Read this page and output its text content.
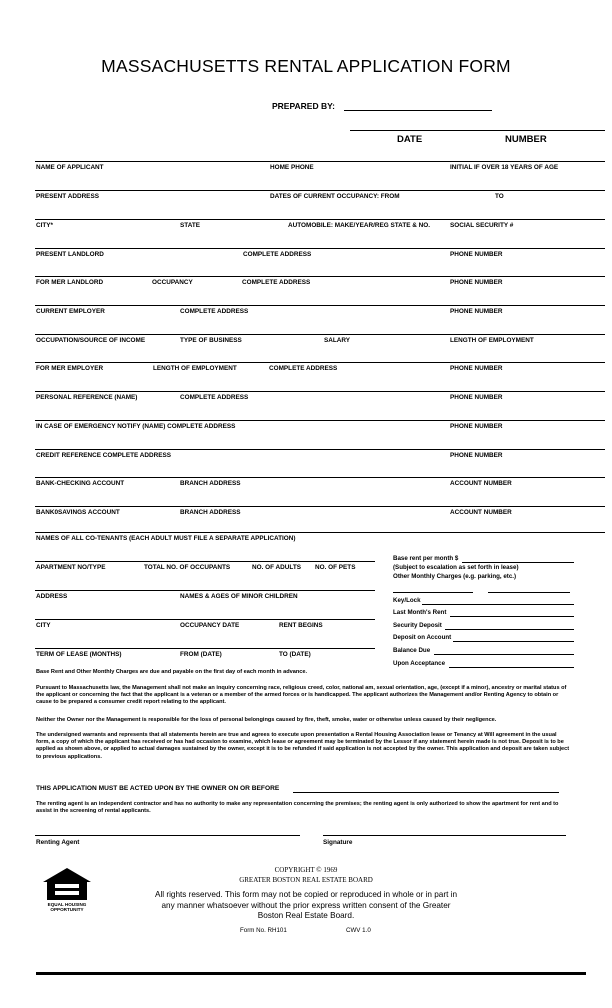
MASSACHUSETTS RENTAL APPLICATION FORM
PREPARED BY:
DATE	NUMBER
NAME OF APPLICANT	HOME PHONE	INITIAL IF OVER 18 YEARS OF AGE
PRESENT ADDRESS	DATES OF CURRENT OCCUPANCY: FROM	TO
CITY*	STATE	AUTOMOBILE: MAKE/YEAR/REG STATE & NO.	SOCIAL SECURITY #
PRESENT LANDLORD	COMPLETE ADDRESS	PHONE NUMBER
FOR MER LANDLORD	OCCUPANCY	COMPLETE ADDRESS	PHONE NUMBER
CURRENT EMPLOYER	COMPLETE ADDRESS	PHONE NUMBER
OCCUPATION/SOURCE OF INCOME	TYPE OF BUSINESS	SALARY	LENGTH OF EMPLOYMENT
FOR MER EMPLOYER	LENGTH OF EMPLOYMENT	COMPLETE ADDRESS	PHONE NUMBER
PERSONAL REFERENCE (NAME)	COMPLETE ADDRESS	PHONE NUMBER
IN CASE OF EMERGENCY NOTIFY (NAME) COMPLETE ADDRESS	PHONE NUMBER
CREDIT REFERENCE COMPLETE ADDRESS	PHONE NUMBER
BANK-CHECKING ACCOUNT	BRANCH ADDRESS	ACCOUNT NUMBER
BANK0SAVINGS ACCOUNT	BRANCH ADDRESS	ACCOUNT NUMBER
NAMES OF ALL CO-TENANTS (EACH ADULT MUST FILE A SEPARATE APPLICATION)
APARTMENT NO/TYPE	TOTAL NO. OF OCCUPANTS	NO. OF ADULTS NO. OF PETS
ADDRESS	NAMES & AGES OF MINOR CHILDREN
CITY	OCCUPANCY DATE	RENT BEGINS
TERM OF LEASE (MONTHS)	FROM (DATE)	TO (DATE)
Base rent per month $
(Subject to escalation as set forth in lease)
Other Monthly Charges (e.g. parking, etc.)
Key/Lock
Last Month's Rent
Security Deposit
Deposit on Account
Balance Due
Upon Acceptance
Base Rent and Other Monthly Charges are due and payable on the first day of each month in advance.
Pursuant to Massachusetts law, the Management shall not make an inquiry concerning race, religious creed, color, national am, sexual orientation, age, (except if a minor), ancestry or marital status of the applicant or concerning the fact that the applicant is a veteran or a member of the armed forces or is handicapped. The applicant authorizes the Management and/or Renting Agency to obtain or cause to be prepared a consumer credit report relating to the applicant.
Neither the Owner nor the Management is responsible for the loss of personal belongings caused by fire, theft, smoke, water or otherwise unless caused by their negligence.
The undersigned warrants and represents that all statements herein are true and agrees to execute upon presentation a Rental Housing Association lease or Tenancy at Will agreement in the usual form, a copy of which the applicant has received or has had occasion to examine, which lease or agreement may be terminated by the Lessor if any statement herein made is not true. Deposit is to be applied as shown above, or applied to actual damages sustained by the owner, except it is to be refunded if said application is not accepted by the owner. This application and deposit are taken subject to previous applications.
THIS APPLICATION MUST BE ACTED UPON BY THE OWNER ON OR BEFORE
The renting agent is an independent contractor and has no authority to make any representation concerning the premises; the renting agent is only authorized to show the apartment for rent and to assist in the screening of rental applicants.
Renting Agent	Signature
EQUAL HOUSING OPPORTUNITY
COPYRIGHT © 1969
GREATER BOSTON REAL ESTATE BOARD
All rights reserved. This form may not be copied or reproduced in whole or in part in any manner whatsoever without the prior express written consent of the Greater Boston Real Estate Board.
Form No. RH101	CWV 1.0
